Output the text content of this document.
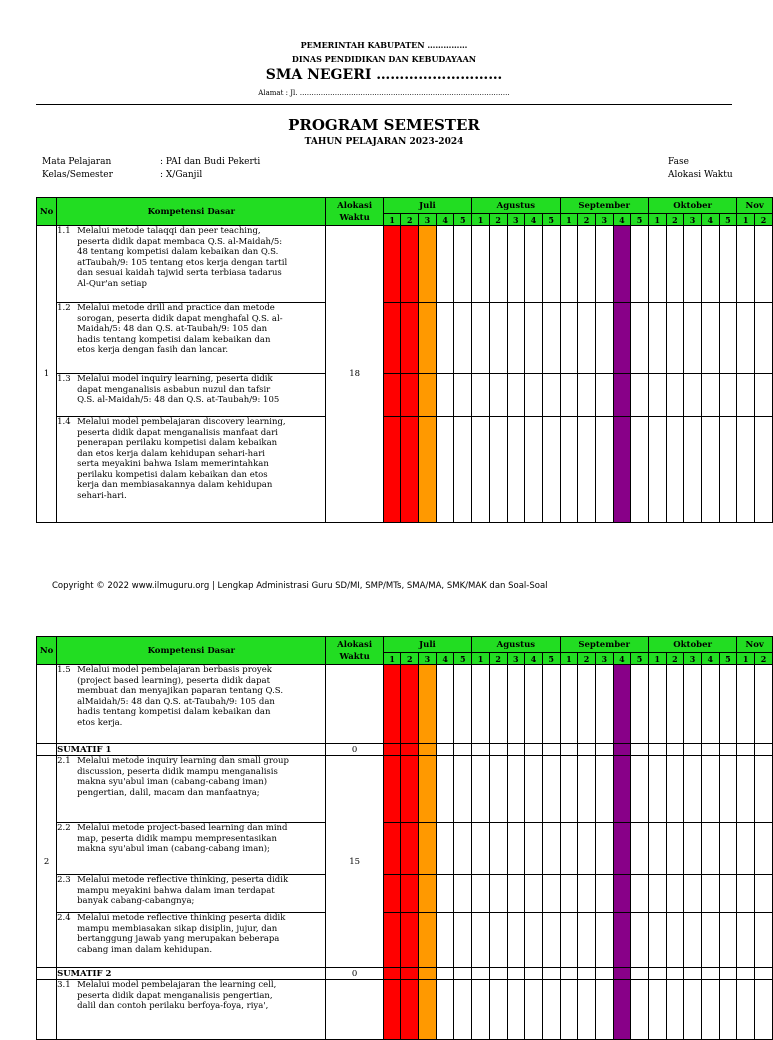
PEMERINTAH KABUPATEN ……………
DINAS PENDIDIKAN DAN KEBUDAYAAN
SMA NEGERI ………………………
Alamat : Jl. ………………………………………………………………………………
PROGRAM SEMESTER
TAHUN PELAJARAN 2023-2024
Mata Pelajaran	: PAI dan Budi Pekerti
Kelas/Semester	: X/Ganjil
Fase
Alokasi Waktu
No	Kompetensi Dasar	Alokasi Waktu	Juli					Agustus					September					Oktober					Nov	
			1	2	3	4	5	1	2	3	4	5	1	2	3	4	5	1	2	3	4	5	1	2
1	1.1 Melalui metode talaqqi dan peer teaching, peserta didik dapat membaca Q.S. al-Maidah/5: 48 tentang kompetisi dalam kebaikan dan Q.S. atTaubah/9: 105 tentang etos kerja dengan tartil dan sesuai kaidah tajwid serta terbiasa tadarus Al-Qur'an setiap	18																						
	1.2 Melalui metode drill and practice dan metode sorogan, peserta didik dapat menghafal Q.S. al-Maidah/5: 48 dan Q.S. at-Taubah/9: 105 dan hadis tentang kompetisi dalam kebaikan dan etos kerja dengan fasih dan lancar.																							
	1.3 Melalui model inquiry learning, peserta didik dapat menganalisis asbabun nuzul dan tafsir Q.S. al-Maidah/5: 48 dan Q.S. at-Taubah/9: 105																							
	1.4 Melalui model pembelajaran discovery learning, peserta didik dapat menganalisis manfaat dari penerapan perilaku kompetisi dalam kebaikan dan etos kerja dalam kehidupan sehari-hari serta meyakini bahwa Islam memerintahkan perilaku kompetisi dalam kebaikan dan etos kerja dan membiasakannya dalam kehidupan sehari-hari.																							
Copyright © 2022 www.ilmuguru.org | Lengkap Administrasi Guru SD/MI, SMP/MTs, SMA/MA, SMK/MAK dan Soal-Soal
No	Kompetensi Dasar	Alokasi Waktu	Juli					Agustus					September					Oktober					Nov	
			1	2	3	4	5	1	2	3	4	5	1	2	3	4	5	1	2	3	4	5	1	2
	1.5 Melalui model pembelajaran berbasis proyek (project based learning), peserta didik dapat membuat dan menyajikan paparan tentang Q.S. alMaidah/5: 48 dan Q.S. at-Taubah/9: 105 dan hadis tentang kompetisi dalam kebaikan dan etos kerja.																							
	SUMATIF 1	0																						
2	2.1 Melalui metode inquiry learning dan small group discussion, peserta didik mampu menganalisis makna syu'abul iman (cabang-cabang iman) pengertian, dalil, macam dan manfaatnya;	15																						
	2.2 Melalui metode project-based learning dan mind map, peserta didik mampu mempresentasikan makna syu'abul iman (cabang-cabang iman);																							
	2.3 Melalui metode reflective thinking, peserta didik mampu meyakini bahwa dalam iman terdapat banyak cabang-cabangnya;																							
	2.4 Melalui metode reflective thinking peserta didik mampu membiasakan sikap disiplin, jujur, dan bertanggung jawab yang merupakan beberapa cabang iman dalam kehidupan.																							
	SUMATIF 2	0																						
	3.1 Melalui model pembelajaran the learning cell, peserta didik dapat menganalisis pengertian, dalil dan contoh perilaku berfoya-foya, riya',																							
